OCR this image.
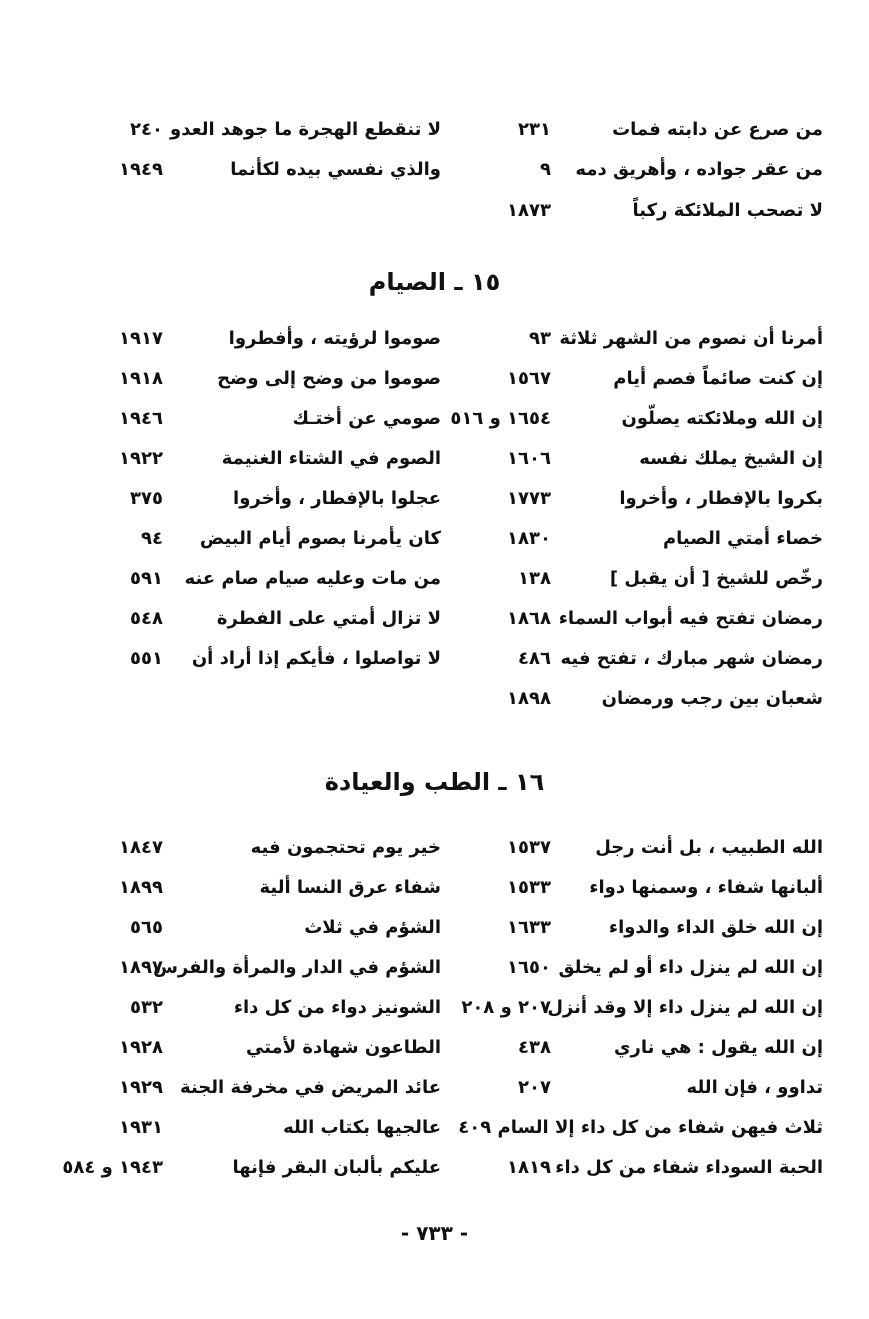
من صرع عن دابته فمات
٢٣١
لا تنقطع الهجرة ما جوهد العدو
٢٤٠
من عقر جواده ، وأهريق دمه
٩
والذي نفسي بيده لكأنما
١٩٤٩
لا تصحب الملائكة ركباً
١٨٧٣
١٥ ـ الصيام
أمرنا أن نصوم من الشهر ثلاثة
٩٣
صوموا لرؤيته ، وأفطروا
١٩١٧
إن كنت صائماً فصم أيام
١٥٦٧
صوموا من وضح إلى وضح
١٩١٨
إن الله وملائكته يصلّون
١٦٥٤ و ٥١٦
صومي عن أختـك
١٩٤٦
إن الشيخ يملك نفسه
١٦٠٦
الصوم في الشتاء الغنيمة
١٩٢٢
بكروا بالإفطار ، وأخروا
١٧٧٣
عجلوا بالإفطار ، وأخروا
٣٧٥
خصاء أمتي الصيام
١٨٣٠
كان يأمرنا بصوم أيام البيض
٩٤
رخّص للشيخ [ أن يقبل ]
١٣٨
من مات وعليه صيام صام عنه
٥٩١
رمضان تفتح فيه أبواب السماء
١٨٦٨
لا تزال أمتي على الفطرة
٥٤٨
رمضان شهر مبارك ، تفتح فيه
٤٨٦
لا تواصلوا ، فأيكم إذا أراد أن
٥٥١
شعبان بين رجب ورمضان
١٨٩٨
١٦ ـ الطب والعيادة
الله الطبيب ، بل أنت رجل
١٥٣٧
خير يوم تحتجمون فيه
١٨٤٧
ألبانها شفاء ، وسمنها دواء
١٥٣٣
شفاء عرق النسا ألية
١٨٩٩
إن الله خلق الداء والدواء
١٦٣٣
الشؤم في ثلاث
٥٦٥
إن الله لم ينزل داء أو لم يخلق
١٦٥٠
الشؤم في الدار والمرأة والفرس
١٨٩٧
إن الله لم ينزل داء إلا وقد أنزل
٢٠٧ و ٢٠٨
الشونيز دواء من كل داء
٥٣٢
إن الله يقول : هي ناري
٤٣٨
الطاعون شهادة لأمتي
١٩٢٨
تداوو ، فإن الله
٢٠٧
عائد المريض في مخرفة الجنة
١٩٢٩
ثلاث فيهن شفاء من كل داء إلا السام ٤٠٩
عالجيها بكتاب الله
١٩٣١
الحبة السوداء شفاء من كل داء
١٨١٩
عليكم بألبان البقر فإنها
١٩٤٣ و ٥٨٤
- ٧٣٣ -
